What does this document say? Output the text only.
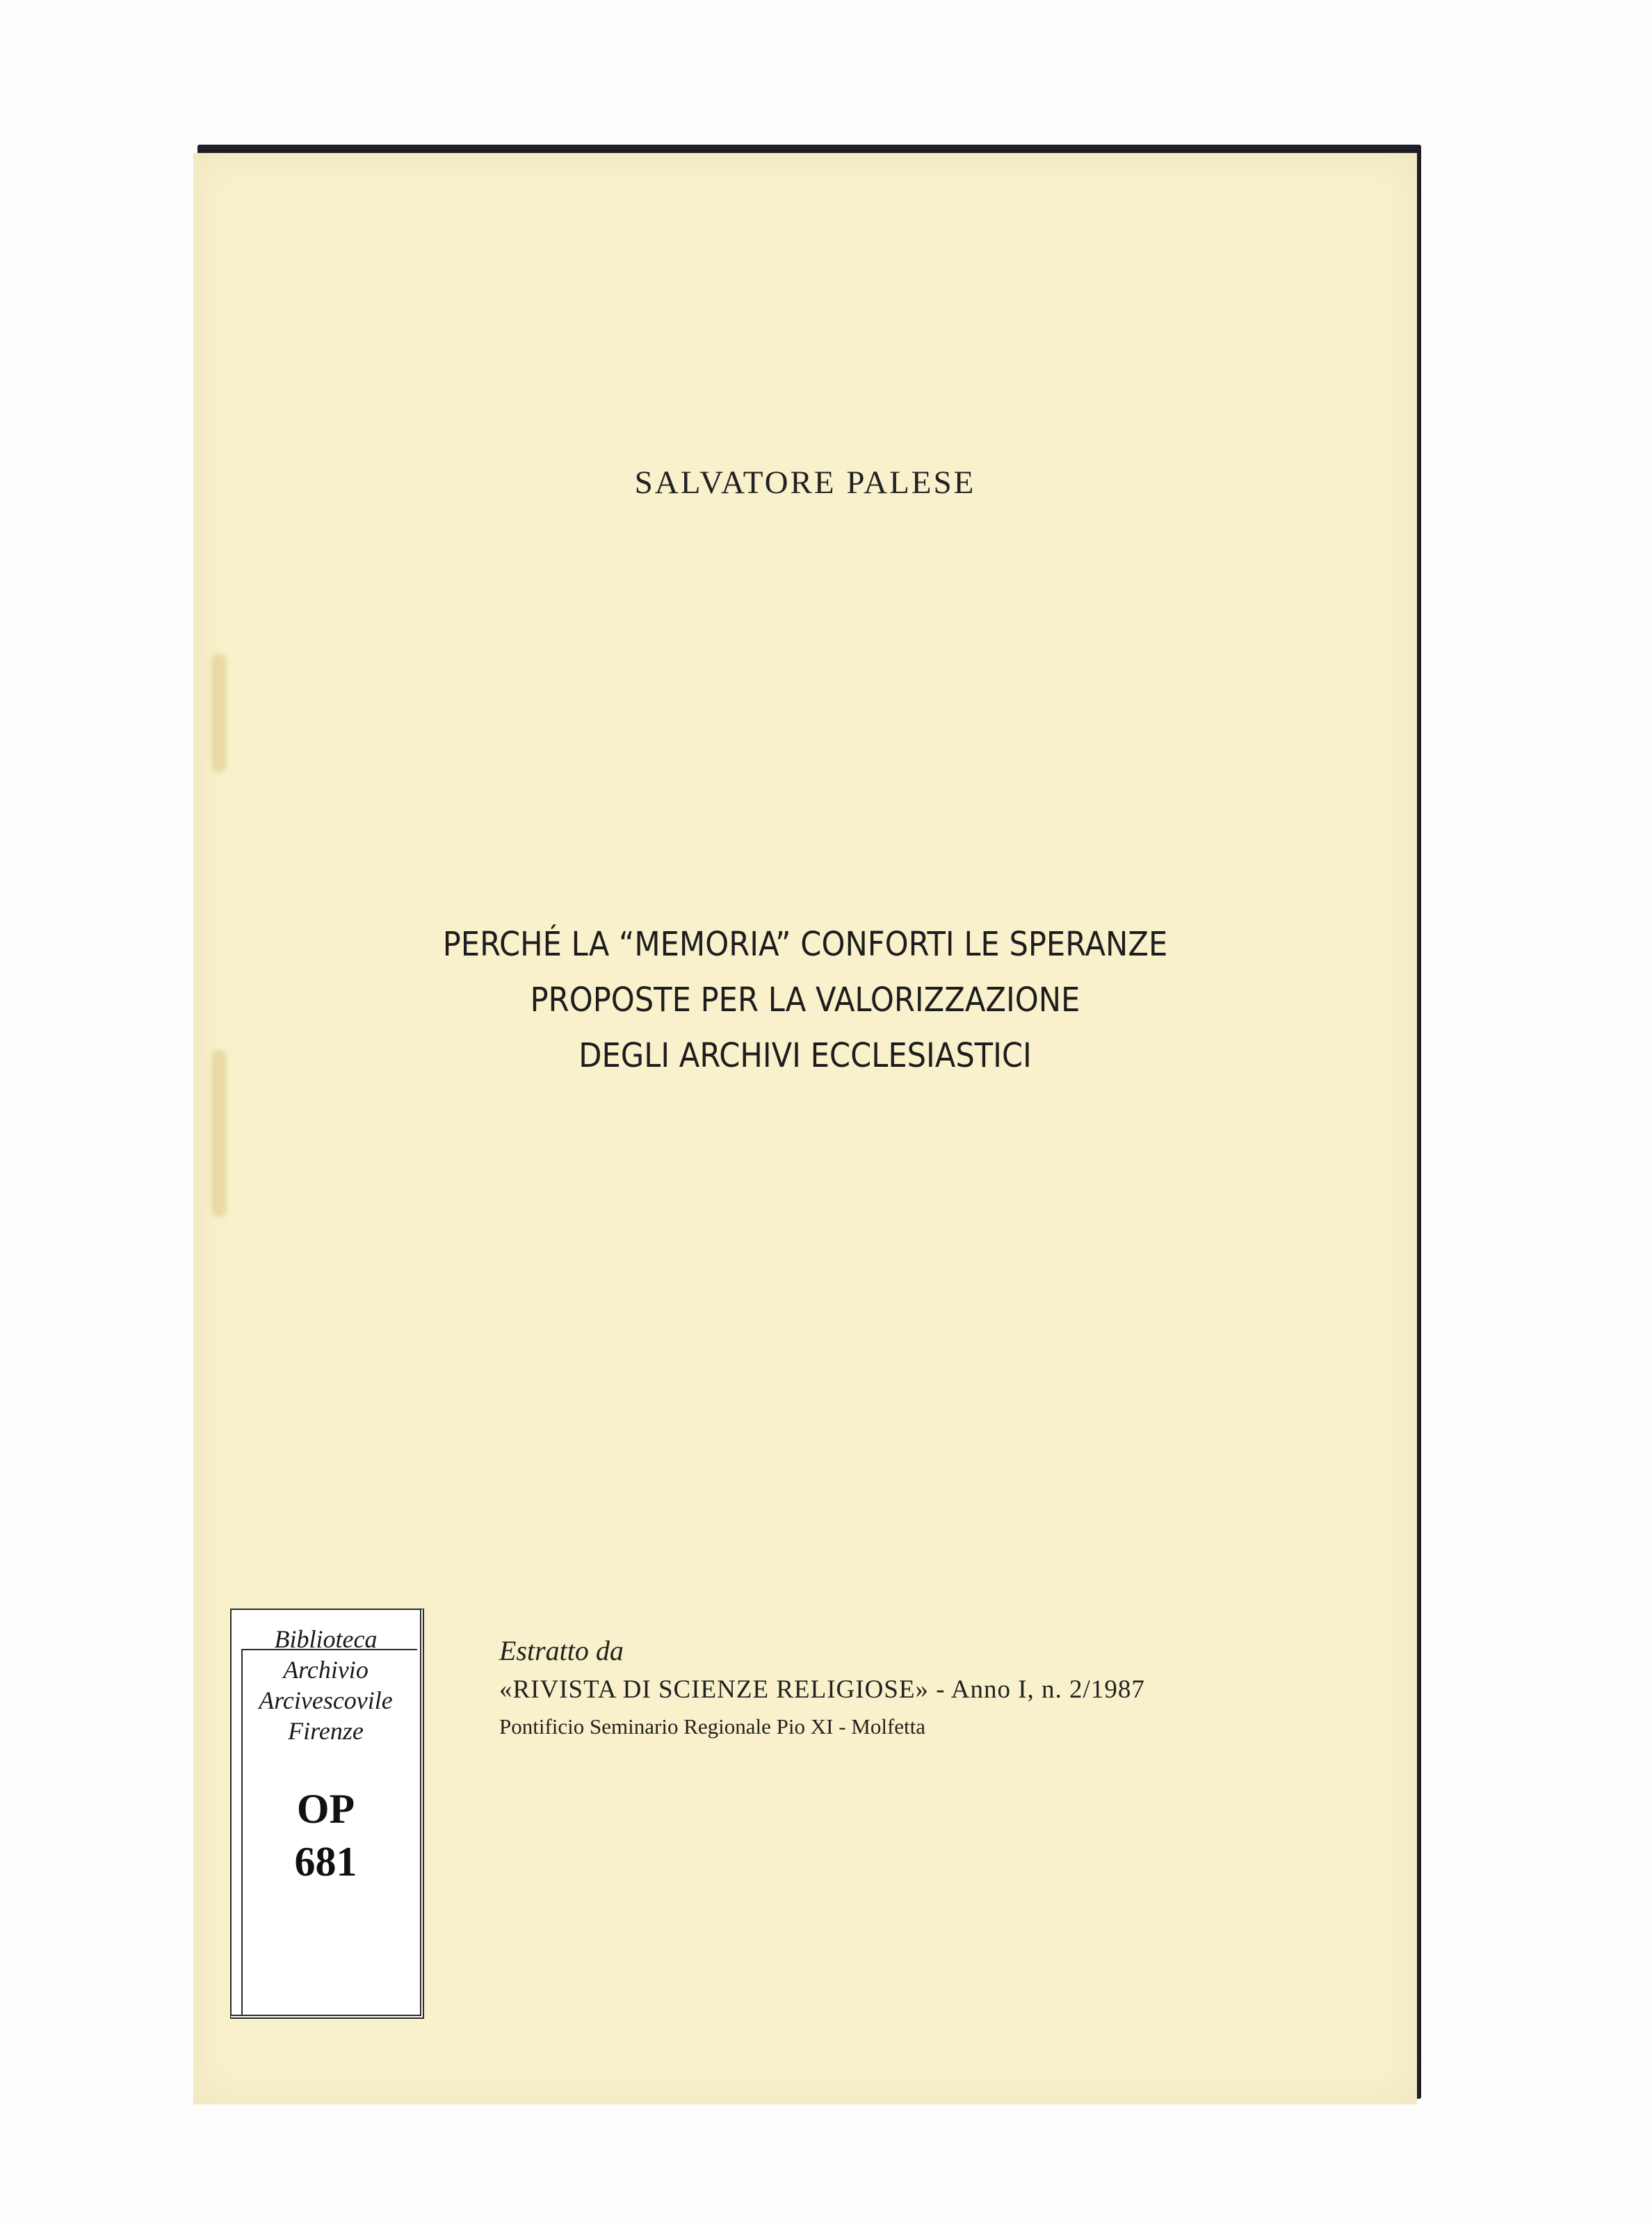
SALVATORE PALESE
PERCHÉ LA “MEMORIA” CONFORTI LE SPERANZE
PROPOSTE PER LA VALORIZZAZIONE
DEGLI ARCHIVI ECCLESIASTICI
Estratto da
«RIVISTA DI SCIENZE RELIGIOSE» - Anno I, n. 2/1987
Pontificio Seminario Regionale Pio XI - Molfetta
Biblioteca
Archivio
Arcivescovile
Firenze
OP
681
